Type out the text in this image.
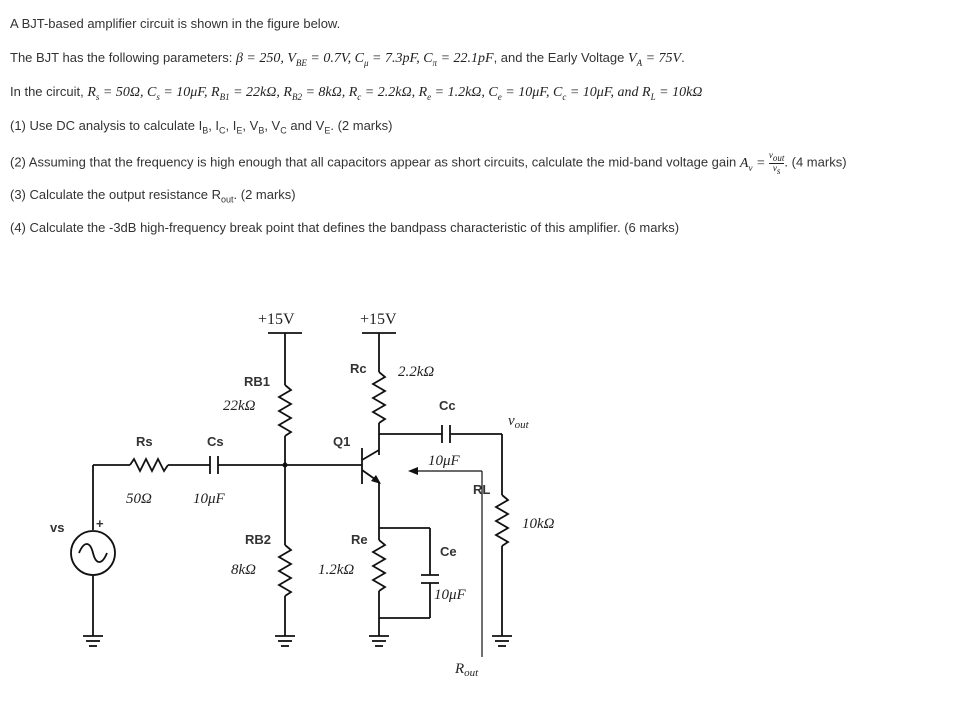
A BJT-based amplifier circuit is shown in the figure below.
The BJT has the following parameters: β = 250, $V_{BE} = 0.7V$, $C_\mu = 7.3pF$, $C_\pi = 22.1pF$, and the Early Voltage $V_A = 75V$.
In the circuit, $R_s = 50\Omega$, $C_s = 10\mu F$, $R_{B1} = 22k\Omega$, $R_{B2} = 8k\Omega$, $R_c = 2.2k\Omega$, $R_e = 1.2k\Omega$, $C_e = 10\mu F$, $C_c = 10\mu F$, and $R_L = 10k\Omega$
(1) Use DC analysis to calculate $I_B$, $I_C$, $I_E$, $V_B$, $V_C$ and $V_E$. (2 marks)
(2) Assuming that the frequency is high enough that all capacitors appear as short circuits, calculate the mid-band voltage gain $A_v$ =
$v_{out}$
$v_s$
. (4 marks)
(3) Calculate the output resistance $R_{out}$. (2 marks)
(4) Calculate the -3dB high-frequency break point that defines the bandpass characteristic of this amplifier. (6 marks)
+15V	+15V
RB1
22kΩ
Rc 2.2kΩ
Cc
10μF
$v_{out}$
Rs
50Ω
Cs
10μF
Q1
$R_{out}$
RL
10kΩ
vs +
RB2
8kΩ
Re
1.2kΩ
Ce
10μF
